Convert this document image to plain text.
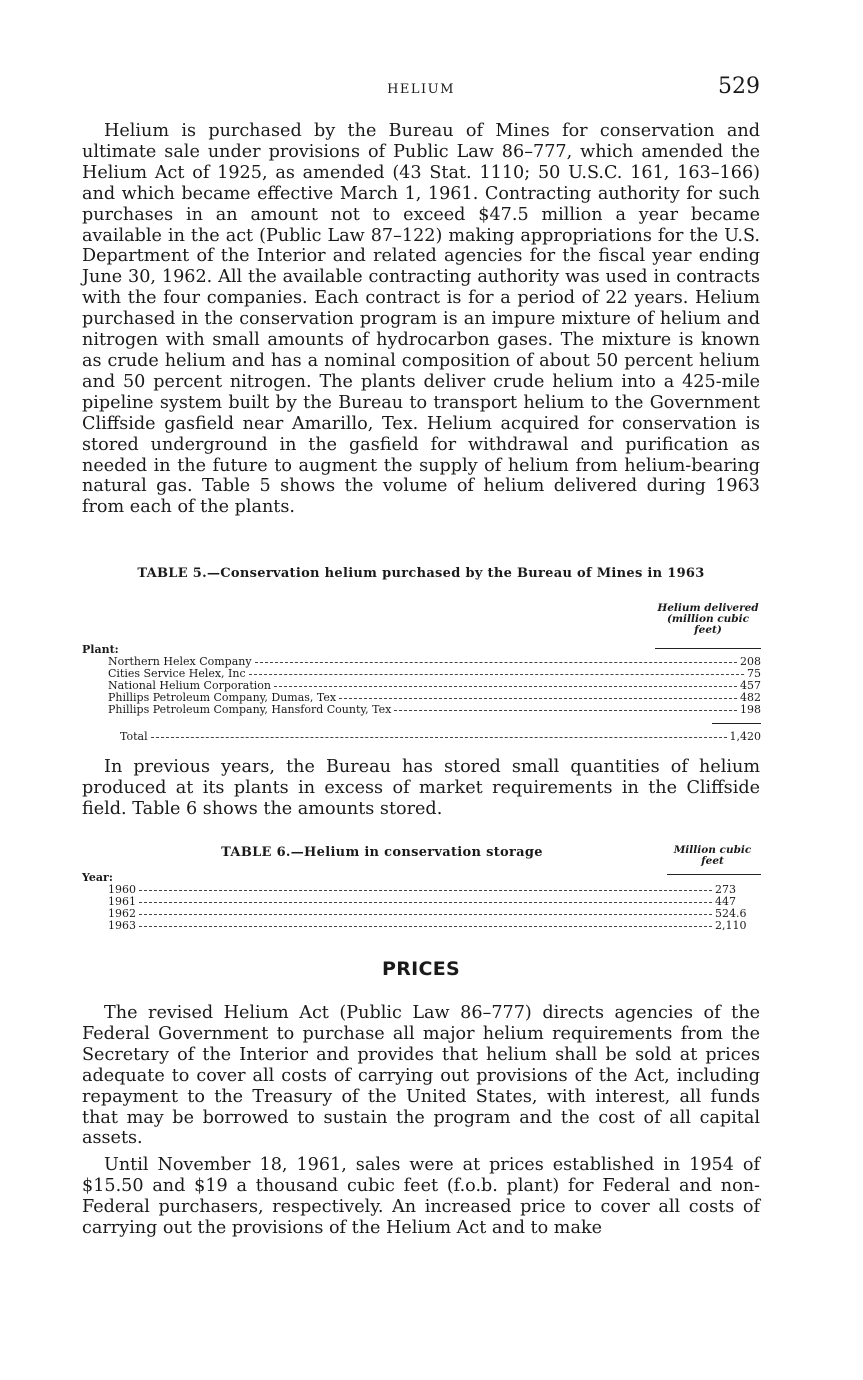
HELIUM	529

Helium is purchased by the Bureau of Mines for conservation and ultimate sale under provisions of Public Law 86–777, which amended the Helium Act of 1925, as amended (43 Stat. 1110; 50 U.S.C. 161, 163–166) and which became effective March 1, 1961. Contracting authority for such purchases in an amount not to exceed $47.5 million a year became available in the act (Public Law 87–122) making appropriations for the U.S. Department of the Interior and related agencies for the fiscal year ending June 30, 1962. All the available contracting authority was used in contracts with the four companies. Each contract is for a period of 22 years. Helium purchased in the conservation program is an impure mixture of helium and nitrogen with small amounts of hydrocarbon gases. The mixture is known as crude helium and has a nominal composition of about 50 percent helium and 50 percent nitrogen. The plants deliver crude helium into a 425-mile pipeline system built by the Bureau to transport helium to the Government Cliffside gasfield near Amarillo, Tex. Helium acquired for conservation is stored underground in the gasfield for withdrawal and purification as needed in the future to augment the supply of helium from helium-bearing natural gas. Table 5 shows the volume of helium delivered during 1963 from each of the plants.

TABLE 5.—Conservation helium purchased by the Bureau of Mines in 1963
Helium delivered
(million cubic
feet)
Plant:
Northern Helex Company	208
Cities Service Helex, Inc	75
National Helium Corporation	457
Phillips Petroleum Company, Dumas, Tex	482
Phillips Petroleum Company, Hansford County, Tex	198
Total	1,420

In previous years, the Bureau has stored small quantities of helium produced at its plants in excess of market requirements in the Cliffside field. Table 6 shows the amounts stored.

TABLE 6.—Helium in conservation storage	Million cubic
feet
Year:
1960	273
1961	447
1962	524.6
1963	2,110
PRICES

The revised Helium Act (Public Law 86–777) directs agencies of the Federal Government to purchase all major helium requirements from the Secretary of the Interior and provides that helium shall be sold at prices adequate to cover all costs of carrying out provisions of the Act, including repayment to the Treasury of the United States, with interest, all funds that may be borrowed to sustain the program and the cost of all capital assets.

Until November 18, 1961, sales were at prices established in 1954 of $15.50 and $19 a thousand cubic feet (f.o.b. plant) for Federal and non-Federal purchasers, respectively. An increased price to cover all costs of carrying out the provisions of the Helium Act and to make
